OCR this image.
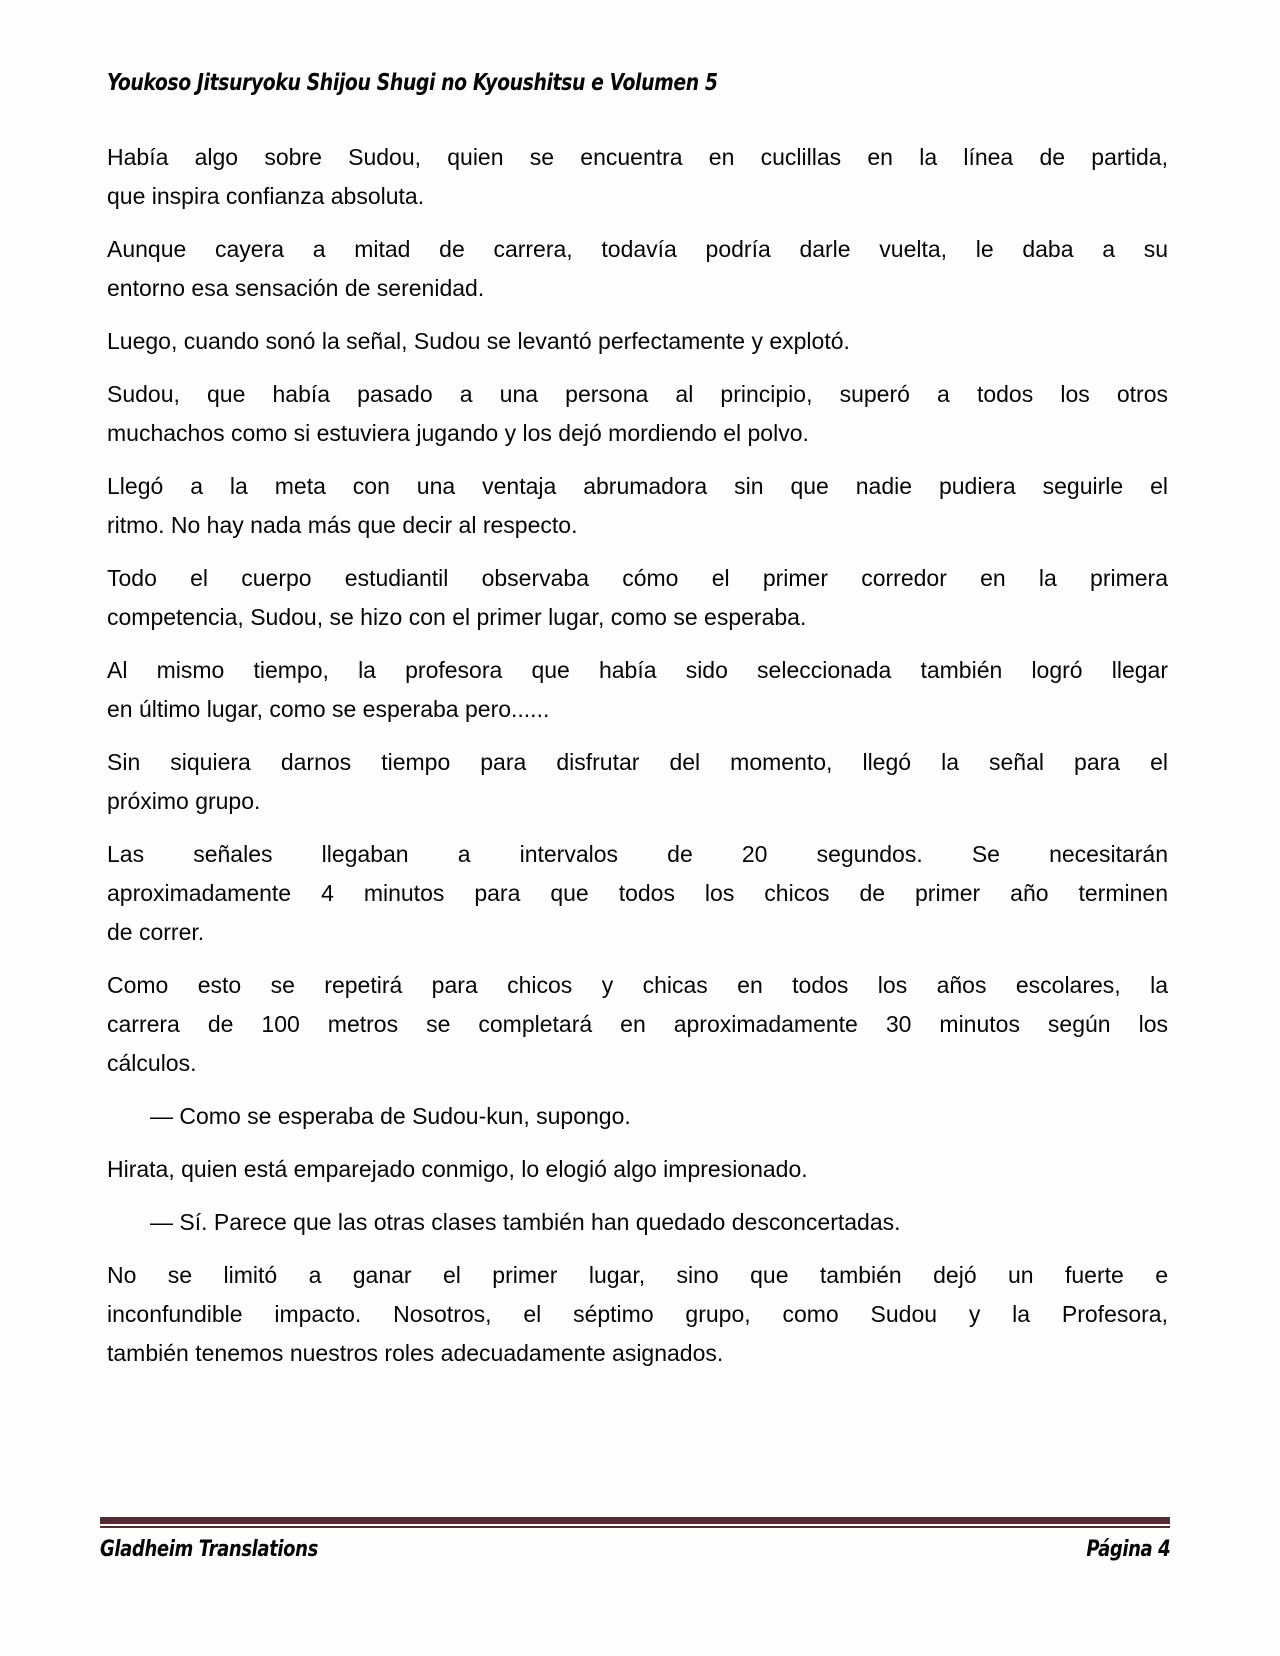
Youkoso Jitsuryoku Shijou Shugi no Kyoushitsu e Volumen 5
Había algo sobre Sudou, quien se encuentra en cuclillas en la línea de partida,
que inspira confianza absoluta.
Aunque cayera a mitad de carrera, todavía podría darle vuelta, le daba a su
entorno esa sensación de serenidad.
Luego, cuando sonó la señal, Sudou se levantó perfectamente y explotó.
Sudou, que había pasado a una persona al principio, superó a todos los otros
muchachos como si estuviera jugando y los dejó mordiendo el polvo.
Llegó a la meta con una ventaja abrumadora sin que nadie pudiera seguirle el
ritmo. No hay nada más que decir al respecto.
Todo el cuerpo estudiantil observaba cómo el primer corredor en la primera
competencia, Sudou, se hizo con el primer lugar, como se esperaba.
Al mismo tiempo, la profesora que había sido seleccionada también logró llegar
en último lugar, como se esperaba pero......
Sin siquiera darnos tiempo para disfrutar del momento, llegó la señal para el
próximo grupo.
Las señales llegaban a intervalos de 20 segundos. Se necesitarán
aproximadamente 4 minutos para que todos los chicos de primer año terminen
de correr.
Como esto se repetirá para chicos y chicas en todos los años escolares, la
carrera de 100 metros se completará en aproximadamente 30 minutos según los
cálculos.
— Como se esperaba de Sudou-kun, supongo.
Hirata, quien está emparejado conmigo, lo elogió algo impresionado.
— Sí. Parece que las otras clases también han quedado desconcertadas.
No se limitó a ganar el primer lugar, sino que también dejó un fuerte e
inconfundible impacto. Nosotros, el séptimo grupo, como Sudou y la Profesora,
también tenemos nuestros roles adecuadamente asignados.
Gladheim Translations	Página 4
